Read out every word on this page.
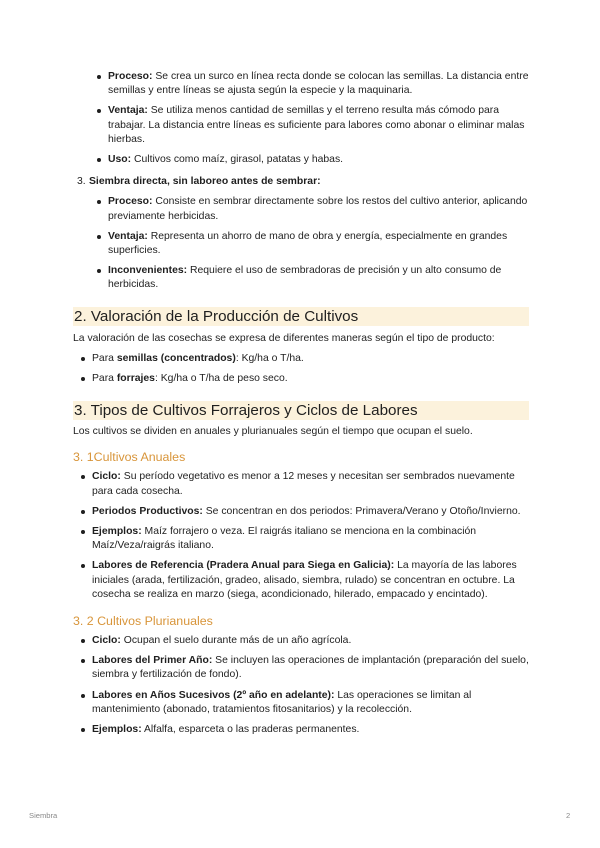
Proceso: Se crea un surco en línea recta donde se colocan las semillas. La distancia entre semillas y entre líneas se ajusta según la especie y la maquinaria.
Ventaja: Se utiliza menos cantidad de semillas y el terreno resulta más cómodo para trabajar. La distancia entre líneas es suficiente para labores como abonar o eliminar malas hierbas.
Uso: Cultivos como maíz, girasol, patatas y habas.
3. Siembra directa, sin laboreo antes de sembrar:
Proceso: Consiste en sembrar directamente sobre los restos del cultivo anterior, aplicando previamente herbicidas.
Ventaja: Representa un ahorro de mano de obra y energía, especialmente en grandes superficies.
Inconvenientes: Requiere el uso de sembradoras de precisión y un alto consumo de herbicidas.
2. Valoración de la Producción de Cultivos

La valoración de las cosechas se expresa de diferentes maneras según el tipo de producto:

Para semillas (concentrados): Kg/ha o T/ha.
Para forrajes: Kg/ha o T/ha de peso seco.
3. Tipos de Cultivos Forrajeros y Ciclos de Labores

Los cultivos se dividen en anuales y plurianuales según el tiempo que ocupan el suelo.

3. 1Cultivos Anuales
Ciclo: Su período vegetativo es menor a 12 meses y necesitan ser sembrados nuevamente para cada cosecha.
Periodos Productivos: Se concentran en dos periodos: Primavera/Verano y Otoño/Invierno.
Ejemplos: Maíz forrajero o veza. El raigrás italiano se menciona en la combinación Maíz/Veza/raigrás italiano.
Labores de Referencia (Pradera Anual para Siega en Galicia): La mayoría de las labores iniciales (arada, fertilización, gradeo, alisado, siembra, rulado) se concentran en octubre. La cosecha se realiza en marzo (siega, acondicionado, hilerado, empacado y encintado).
3. 2 Cultivos Plurianuales
Ciclo: Ocupan el suelo durante más de un año agrícola.
Labores del Primer Año: Se incluyen las operaciones de implantación (preparación del suelo, siembra y fertilización de fondo).
Labores en Años Sucesivos (2º año en adelante): Las operaciones se limitan al mantenimiento (abonado, tratamientos fitosanitarios) y la recolección.
Ejemplos: Alfalfa, esparceta o las praderas permanentes.
Siembra	2
